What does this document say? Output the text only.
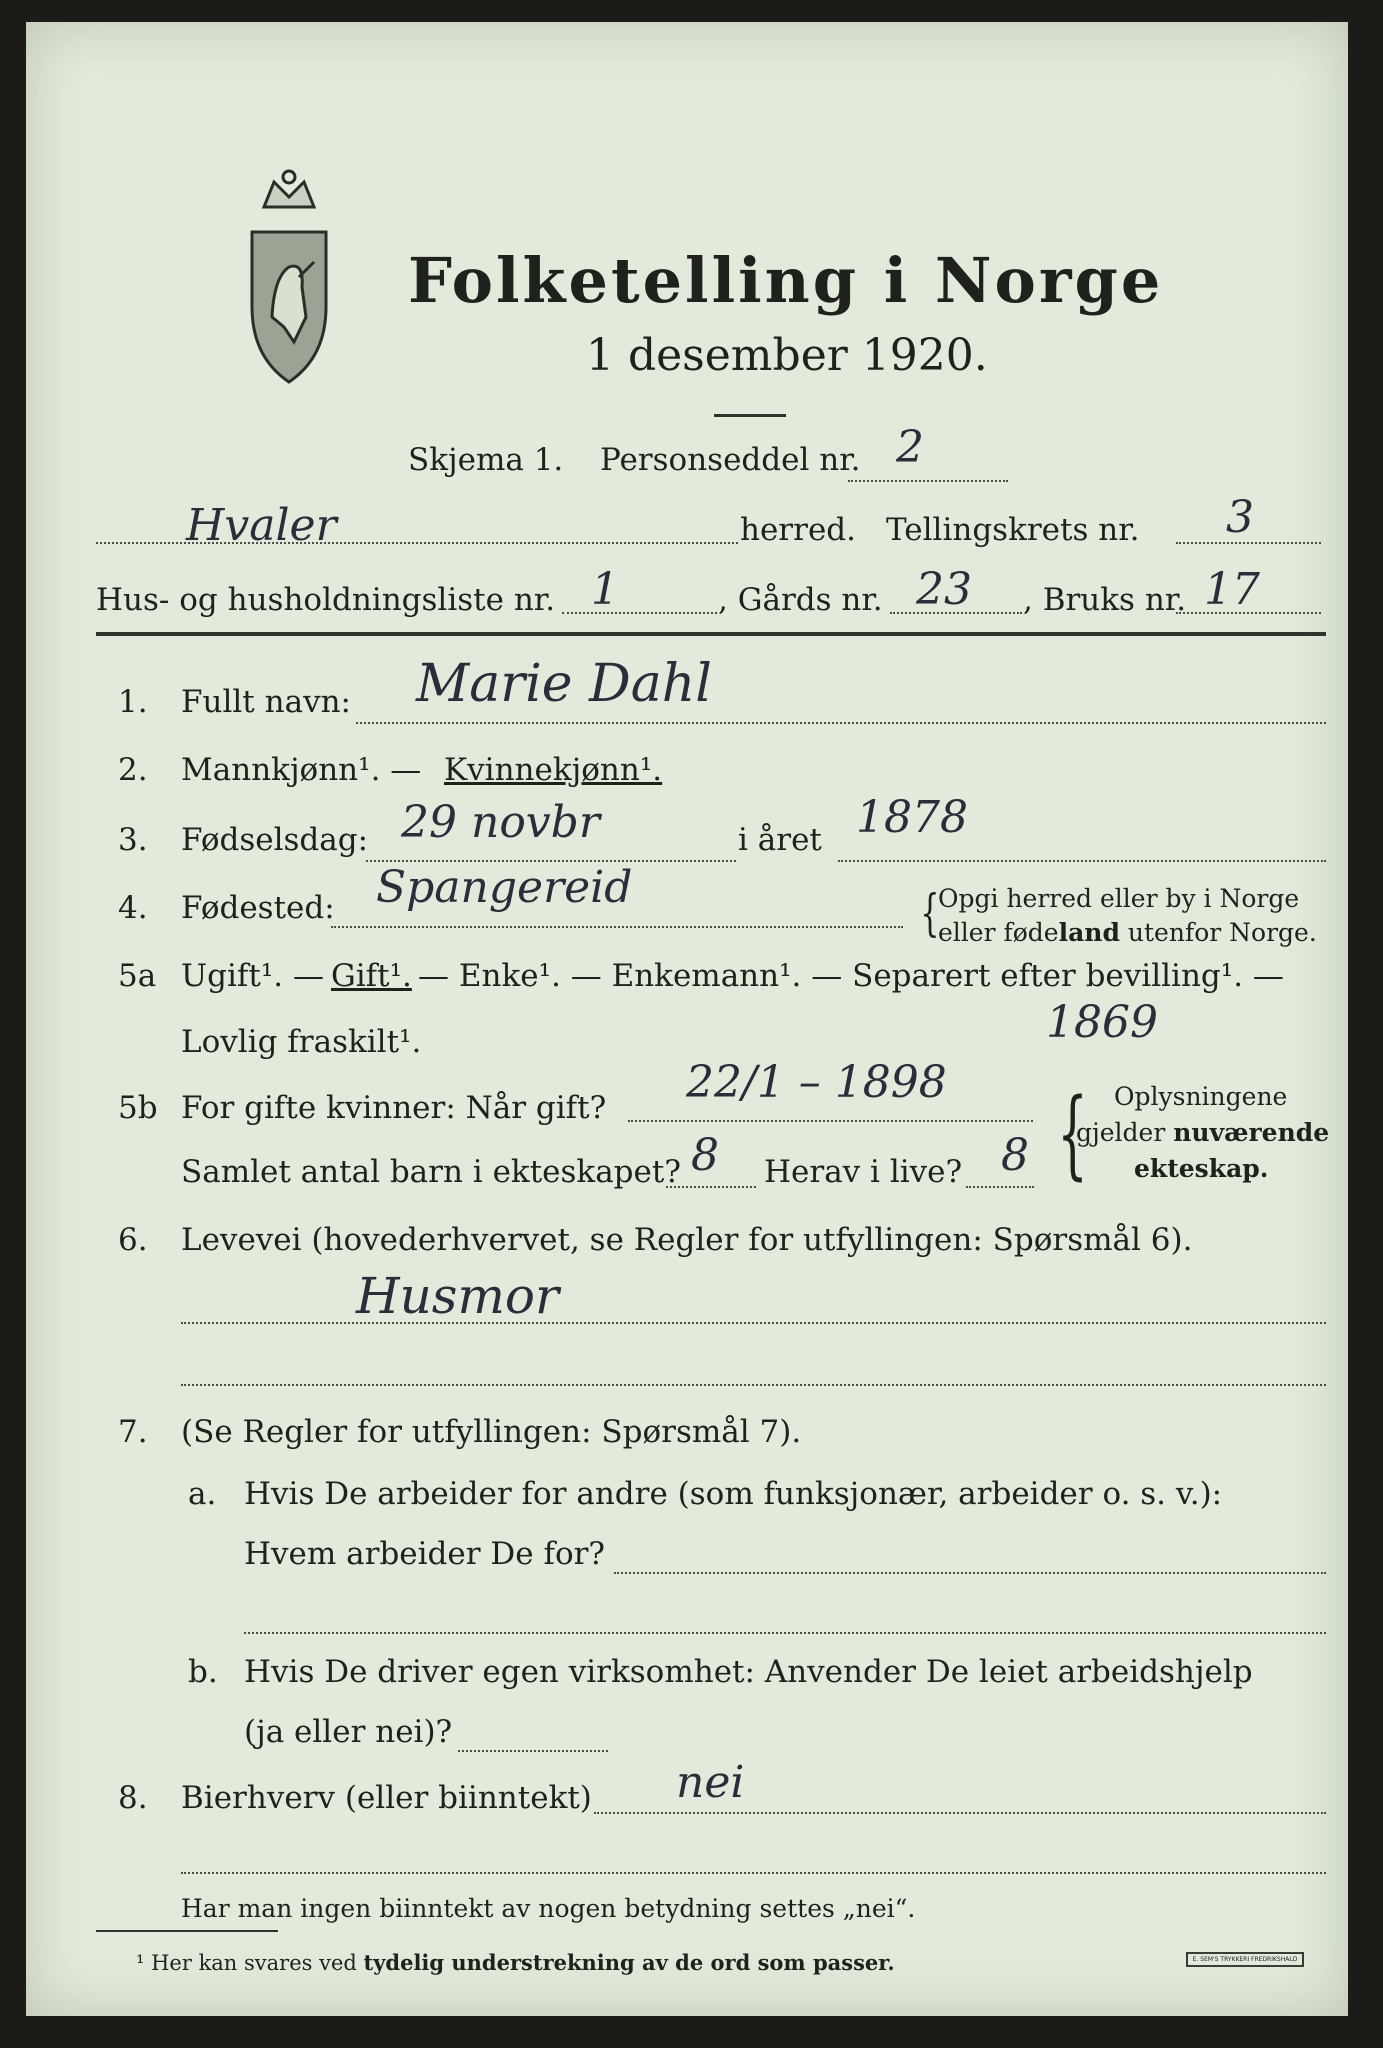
Folketelling i Norge
1 desember 1920.
Skjema 1. Personseddel nr. 2
Hvaler	herred. Tellingskrets nr. 3
Hus- og husholdningsliste nr. 1	, Gårds nr. 23 , Bruks nr. 17
1. Fullt navn: Marie Dahl
2. Mannkjønn¹. — Kvinnekjønn¹.
3. Fødselsdag: 29 novbr	i året 1878
4. Fødested: Spangereid	{
Opgi herred eller by i Norge
eller fødeland utenfor Norge.
5a Ugift¹. — Gift¹. — Enke¹. — Enkemann¹. — Separert efter bevilling¹. —
Lovlig fraskilt¹.	1869
5b For gifte kvinner: Når gift? 22/1 – 1898
Samlet antal barn i ekteskapet? 8 Herav i live? 8 { Oplysningene
gjelder nuværende
ekteskap.
6. Levevei (hovederhvervet, se Regler for utfyllingen: Spørsmål 6).
Husmor
7. (Se Regler for utfyllingen: Spørsmål 7).
a. Hvis De arbeider for andre (som funksjonær, arbeider o. s. v.):
Hvem arbeider De for?
b. Hvis De driver egen virksomhet: Anvender De leiet arbeidshjelp
(ja eller nei)?
8. Bierhverv (eller biinntekt) nei
Har man ingen biinntekt av nogen betydning settes „nei“.
¹ Her kan svares ved tydelig understrekning av de ord som passer.	E. SEM'S TRYKKERI FREDRIKSHALD
